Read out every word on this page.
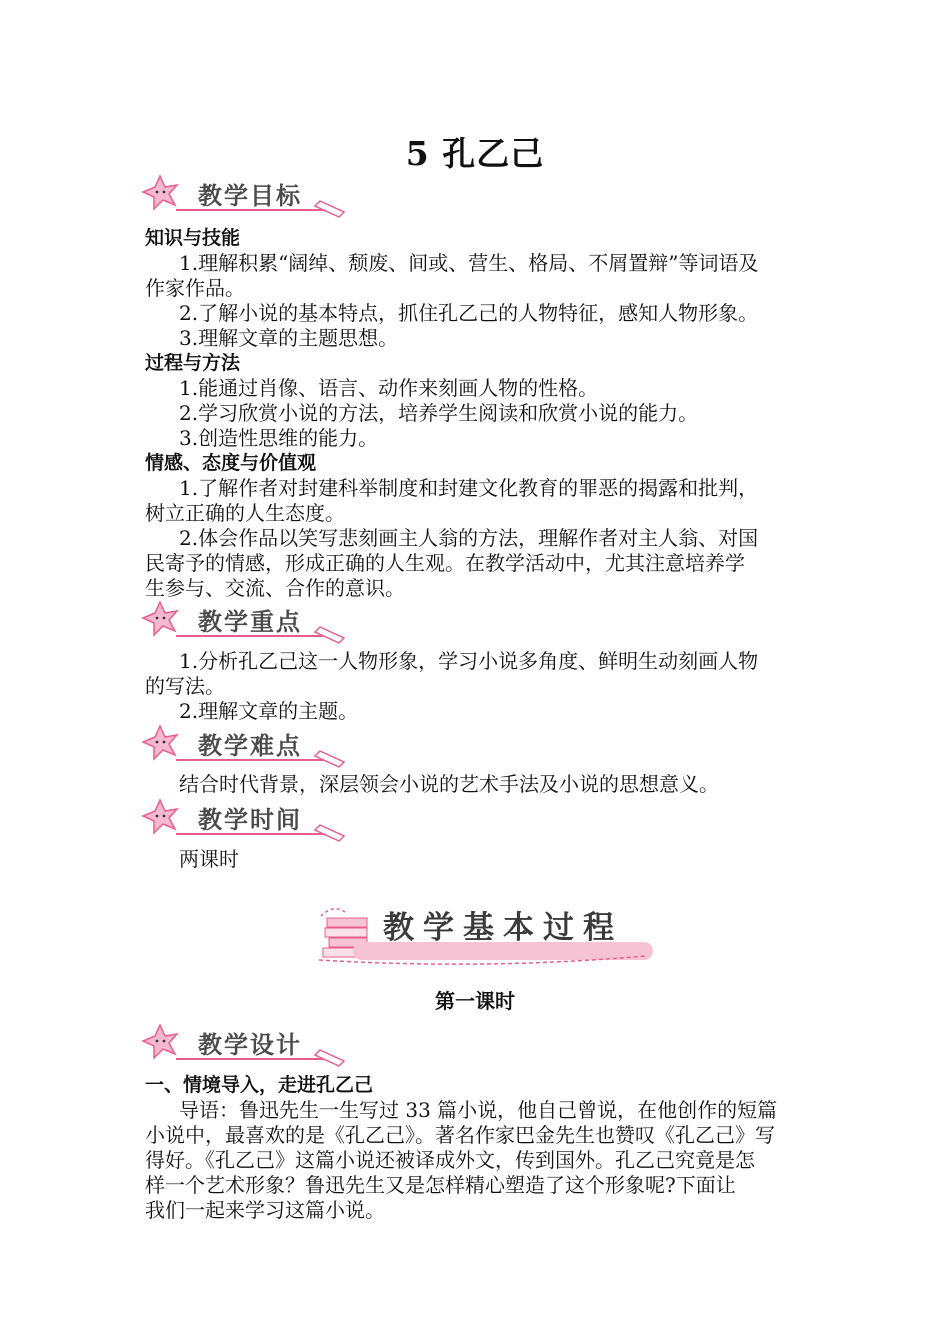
5 孔乙己
教学目标
知识与技能
1.理解积累“阔绰、颓废、间或、营生、格局、不屑置辩”等词语及
作家作品。
2.了解小说的基本特点，抓住孔乙己的人物特征，感知人物形象。
3.理解文章的主题思想。
过程与方法
1.能通过肖像、语言、动作来刻画人物的性格。
2.学习欣赏小说的方法，培养学生阅读和欣赏小说的能力。
3.创造性思维的能力。
情感、态度与价值观
1.了解作者对封建科举制度和封建文化教育的罪恶的揭露和批判，
树立正确的人生态度。
2.体会作品以笑写悲刻画主人翁的方法，理解作者对主人翁、对国
民寄予的情感，形成正确的人生观。在教学活动中，尤其注意培养学
生参与、交流、合作的意识。
教学重点
1.分析孔乙己这一人物形象，学习小说多角度、鲜明生动刻画人物
的写法。
2.理解文章的主题。
教学难点
结合时代背景，深层领会小说的艺术手法及小说的思想意义。
教学时间
两课时
教学基本过程
第一课时
教学设计
一、情境导入，走进孔乙己
导语：鲁迅先生一生写过 33 篇小说，他自己曾说，在他创作的短篇
小说中，最喜欢的是《孔乙己》。著名作家巴金先生也赞叹《孔乙己》写
得好。《孔乙己》这篇小说还被译成外文，传到国外。孔乙己究竟是怎
样一个艺术形象？鲁迅先生又是怎样精心塑造了这个形象呢?下面让
我们一起来学习这篇小说。
